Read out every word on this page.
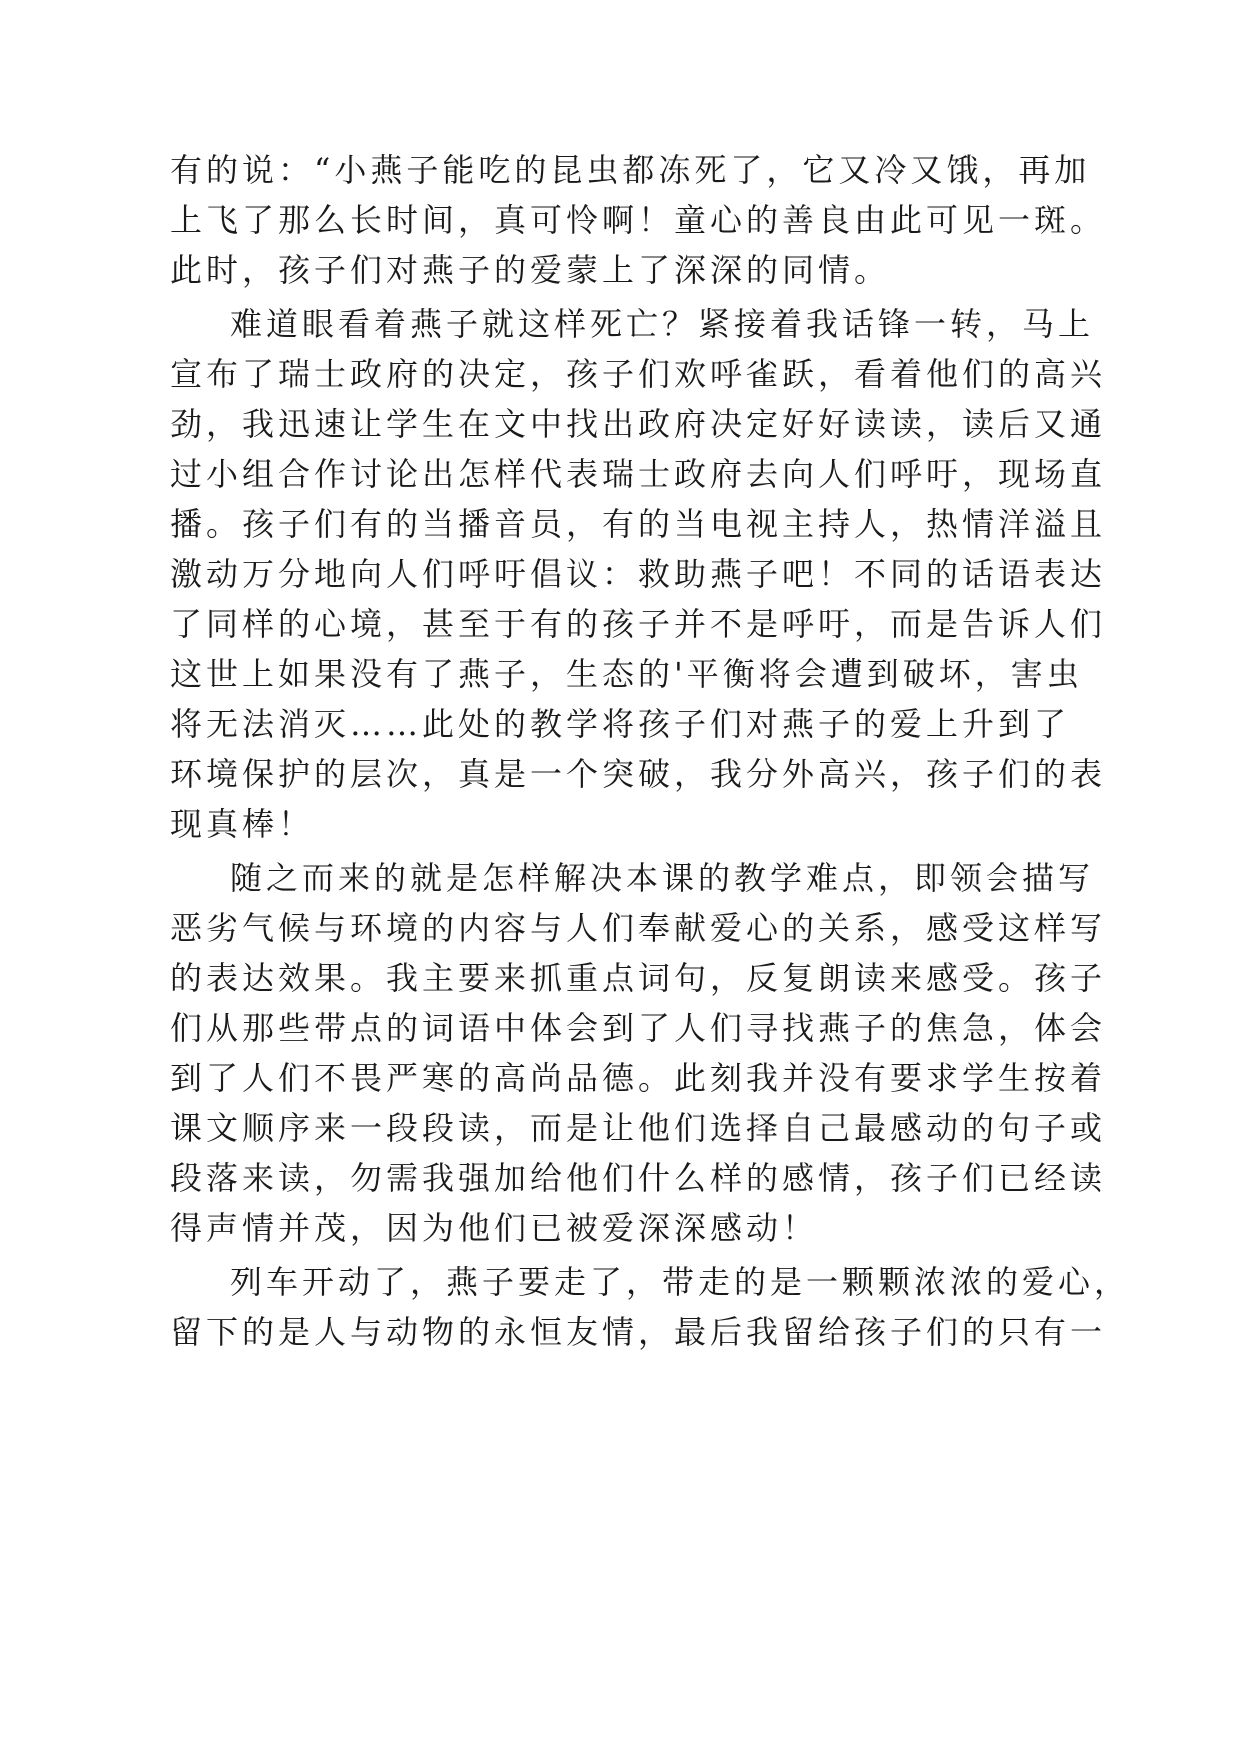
有的说：“小燕子能吃的昆虫都冻死了，它又冷又饿，再加
上飞了那么长时间，真可怜啊！童心的善良由此可见一斑。
此时，孩子们对燕子的爱蒙上了深深的同情。
难道眼看着燕子就这样死亡？紧接着我话锋一转，马上
宣布了瑞士政府的决定，孩子们欢呼雀跃，看着他们的高兴
劲，我迅速让学生在文中找出政府决定好好读读，读后又通
过小组合作讨论出怎样代表瑞士政府去向人们呼吁，现场直
播。孩子们有的当播音员，有的当电视主持人，热情洋溢且
激动万分地向人们呼吁倡议：救助燕子吧！不同的话语表达
了同样的心境，甚至于有的孩子并不是呼吁，而是告诉人们
这世上如果没有了燕子，生态的'平衡将会遭到破坏，害虫
将无法消灭……此处的教学将孩子们对燕子的爱上升到了
环境保护的层次，真是一个突破，我分外高兴，孩子们的表
现真棒！
随之而来的就是怎样解决本课的教学难点，即领会描写
恶劣气候与环境的内容与人们奉献爱心的关系，感受这样写
的表达效果。我主要来抓重点词句，反复朗读来感受。孩子
们从那些带点的词语中体会到了人们寻找燕子的焦急，体会
到了人们不畏严寒的高尚品德。此刻我并没有要求学生按着
课文顺序来一段段读，而是让他们选择自己最感动的句子或
段落来读，勿需我强加给他们什么样的感情，孩子们已经读
得声情并茂，因为他们已被爱深深感动！
列车开动了，燕子要走了，带走的是一颗颗浓浓的爱心，
留下的是人与动物的永恒友情，最后我留给孩子们的只有一
